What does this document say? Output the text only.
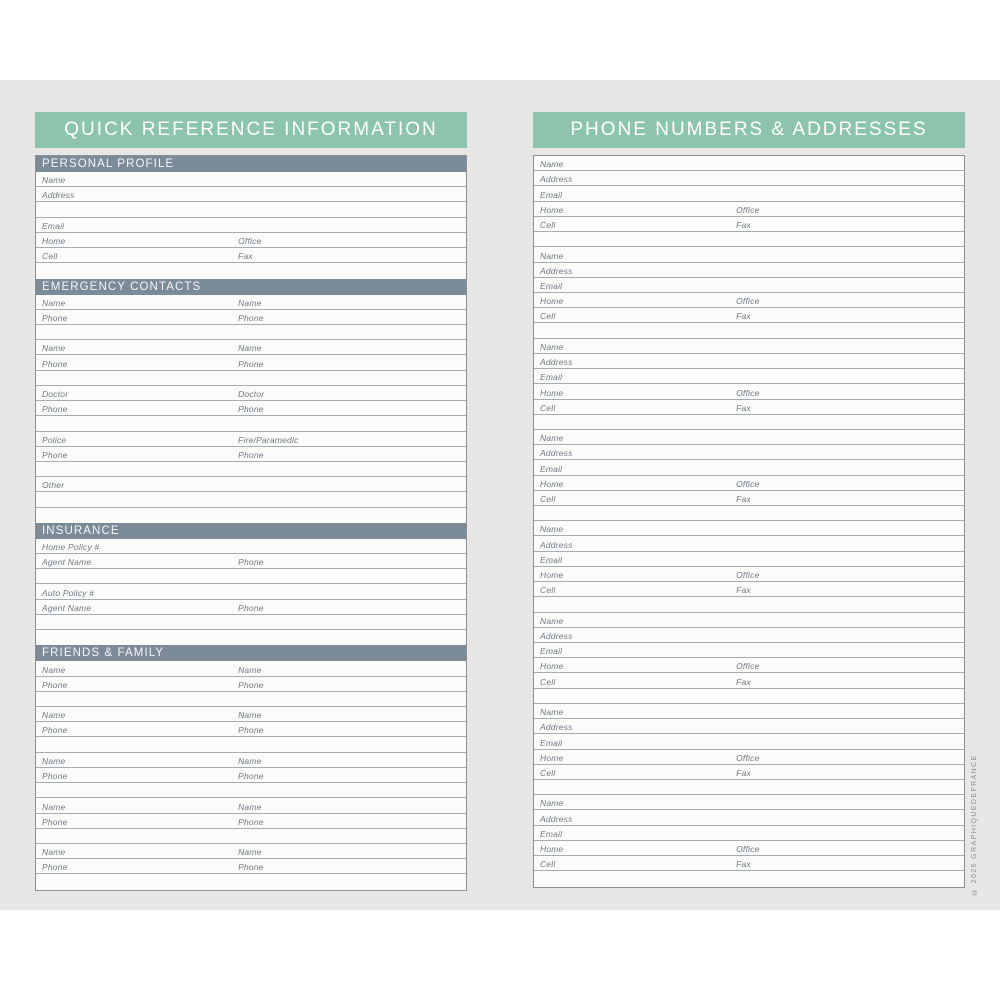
QUICK REFERENCE INFORMATION
PERSONAL PROFILE
Name
Address
Email
Home	Office
Cell	Fax
EMERGENCY CONTACTS
Name	Name
Phone	Phone
Name	Name
Phone	Phone
Doctor	Doctor
Phone	Phone
Police	Fire/Paramedic
Phone	Phone
Other
INSURANCE
Home Policy #
Agent Name	Phone
Auto Policy #
Agent Name	Phone
FRIENDS & FAMILY
Name	Name
Phone	Phone
Name	Name
Phone	Phone
Name	Name
Phone	Phone
Name	Name
Phone	Phone
Name	Name
Phone	Phone
PHONE NUMBERS & ADDRESSES
Name
Address
Email
Home	Office
Cell	Fax
Name
Address
Email
Home	Office
Cell	Fax
Name
Address
Email
Home	Office
Cell	Fax
Name
Address
Email
Home	Office
Cell	Fax
Name
Address
Email
Home	Office
Cell	Fax
Name
Address
Email
Home	Office
Cell	Fax
Name
Address
Email
Home	Office
Cell	Fax
Name
Address
Email
Home	Office
Cell	Fax	© 2026 GRAPHIQUEDEFRANCE
